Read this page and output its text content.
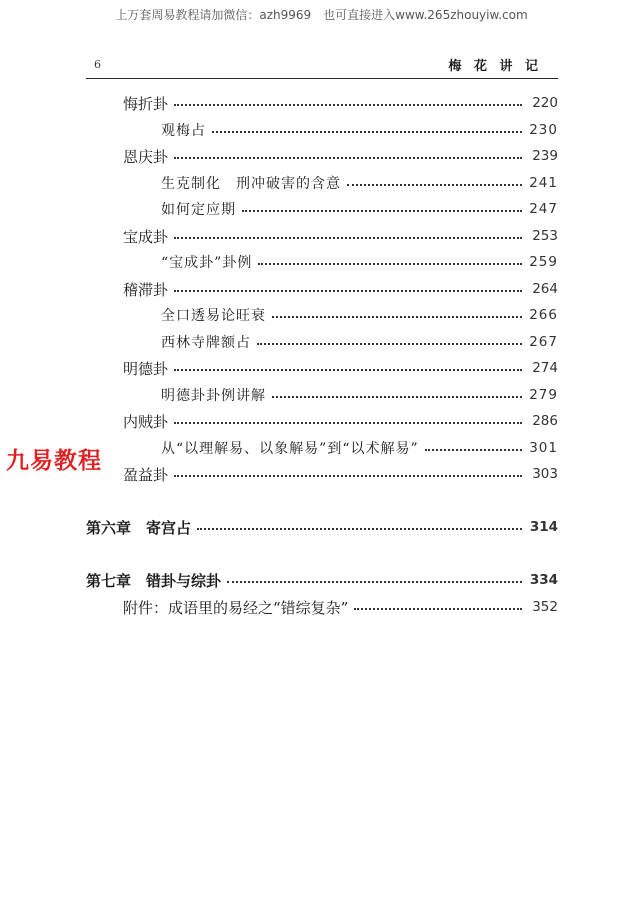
上万套周易教程请加微信：azh9969　也可直接进入www.265zhouyiw.com
6	梅 花 讲 记
悔折卦	220
观梅占	230
恩庆卦	239
生克制化　刑冲破害的含意	241
如何定应期	247
宝成卦	253
“宝成卦”卦例	259
稽滞卦	264
全口透易论旺衰	266
西林寺牌额占	267
明德卦	274
明德卦卦例讲解	279
内贼卦	286
从“以理解易、以象解易”到“以术解易”	301
盈益卦	303
第六章　寄宫占	314
第七章　错卦与综卦	334
附件：成语里的易经之“错综复杂”	352
九易教程
